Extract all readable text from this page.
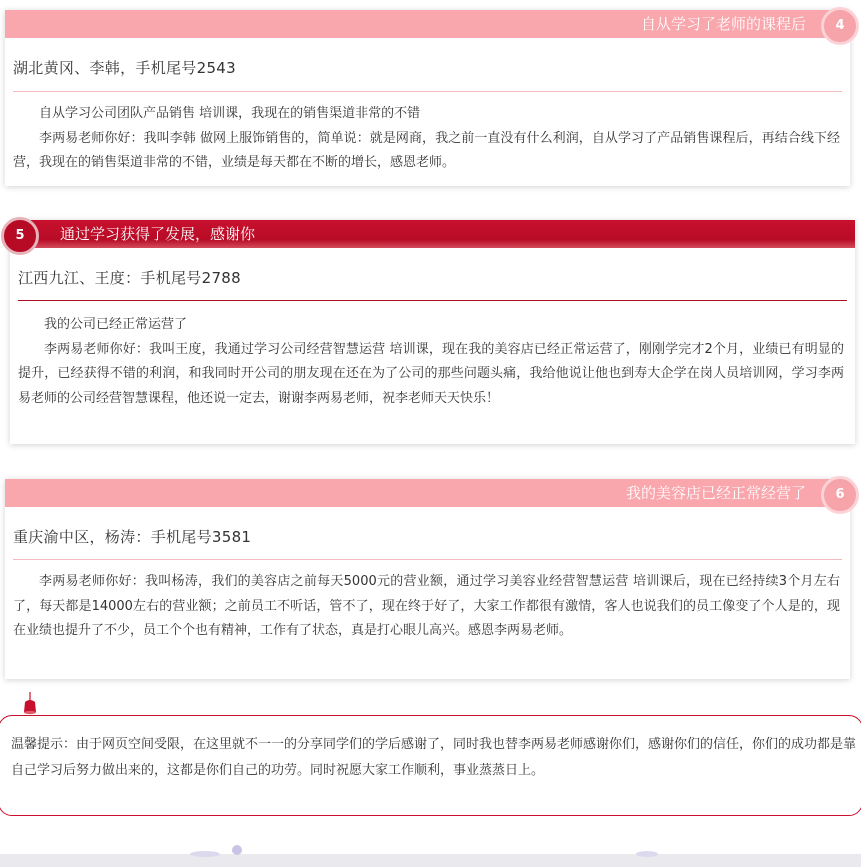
自从学习了老师的课程后	4
湖北黄冈、李韩，手机尾号2543

自从学习公司团队产品销售 培训课，我现在的销售渠道非常的不错

李两易老师你好：我叫李韩 做网上服饰销售的，简单说：就是网商，我之前一直没有什么利润，自从学习了产品销售课程后，再结合线下经营，我现在的销售渠道非常的不错，业绩是每天都在不断的增长，感恩老师。

通过学习获得了发展，感谢你
5
江西九江、王度：手机尾号2788

我的公司已经正常运营了

李两易老师你好：我叫王度，我通过学习公司经营智慧运营 培训课，现在我的美容店已经正常运营了，刚刚学完才2个月，业绩已有明显的提升，已经获得不错的利润，和我同时开公司的朋友现在还在为了公司的那些问题头痛，我给他说让他也到寿大企学在岗人员培训网，学习李两易老师的公司经营智慧课程，他还说一定去，谢谢李两易老师，祝李老师天天快乐！

我的美容店已经正常经营了	6
重庆渝中区，杨涛：手机尾号3581

李两易老师你好：我叫杨涛，我们的美容店之前每天5000元的营业额，通过学习美容业经营智慧运营 培训课后，现在已经持续3个月左右了，每天都是14000左右的营业额；之前员工不听话，管不了，现在终于好了，大家工作都很有激情，客人也说我们的员工像变了个人是的，现在业绩也提升了不少，员工个个也有精神，工作有了状态，真是打心眼儿高兴。感恩李两易老师。

温馨提示：由于网页空间受限，在这里就不一一的分享同学们的学后感谢了，同时我也替李两易老师感谢你们，感谢你们的信任，你们的成功都是靠自己学习后努力做出来的，这都是你们自己的功劳。同时祝愿大家工作顺利，事业蒸蒸日上。
